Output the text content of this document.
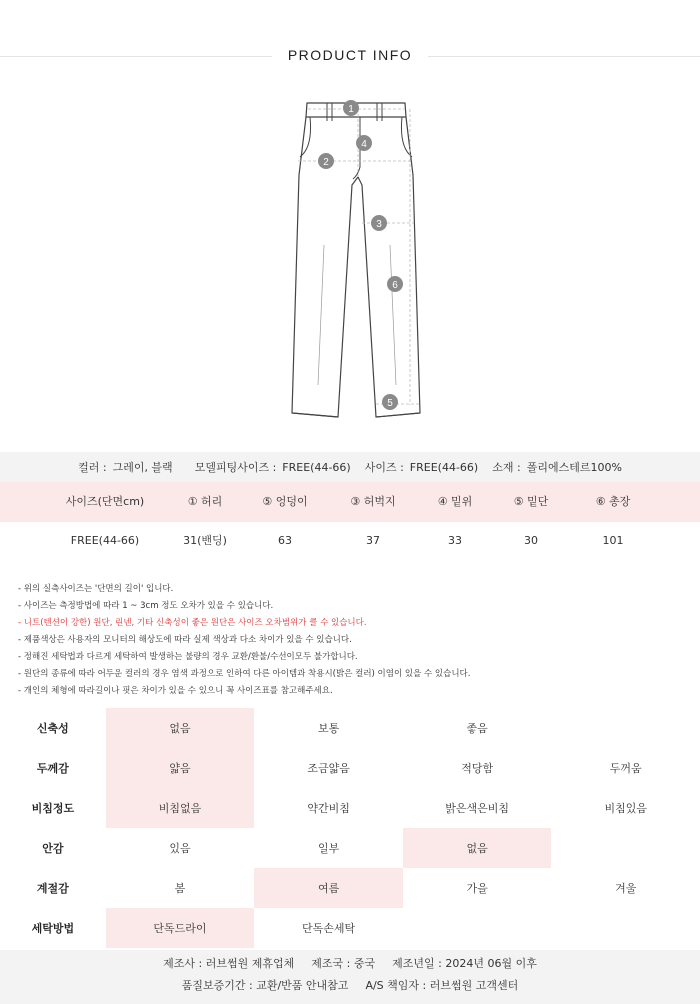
PRODUCT INFO
1
2
3
4
5
6
컬러 : 그레이, 블랙 모델피팅사이즈 : FREE(44-66) 사이즈 : FREE(44-66) 소재 : 폴리에스테르100%
사이즈(단면cm)	① 허리	⑤ 엉덩이	③ 허벅지	④ 밑위	⑤ 밑단	⑥ 총장
FREE(44-66)	31(밴딩)	63	37	33	30	101

- 위의 실측사이즈는 '단면의 길이' 입니다.

- 사이즈는 측정방법에 따라 1 ~ 3cm 정도 오차가 있을 수 있습니다.

- 니트(텐션이 강한) 원단, 린넨, 기타 신축성이 좋은 원단은 사이즈 오차범위가 클 수 있습니다.

- 제품색상은 사용자의 모니터의 해상도에 따라 실제 색상과 다소 차이가 있을 수 있습니다.

- 정해진 세탁법과 다르게 세탁하여 발생하는 불량의 경우 교환/환불/수선이모두 불가합니다.

- 원단의 종류에 따라 어두운 컬러의 경우 염색 과정으로 인하여 다른 아이템과 착용시(밝은 컬러) 이염이 있을 수 있습니다.

- 개인의 체형에 따라길이나 핏은 차이가 있을 수 있으니 꼭 사이즈표를 참고해주세요.

신축성	없음	보통	좋음
두께감	얇음	조금얇음	적당함	두꺼움
비침정도	비침없음	약간비침	밝은색은비침	비침있음
안감	있음	일부	없음
계절감	봄	여름	가을	겨울
세탁방법	단독드라이	단독손세탁

제조사 : 러브썸원 제휴업체 제조국 : 중국 제조년일 : 2024년 06월 이후

품질보증기간 : 교환/반품 안내참고 A/S 책임자 : 러브썸원 고객센터
